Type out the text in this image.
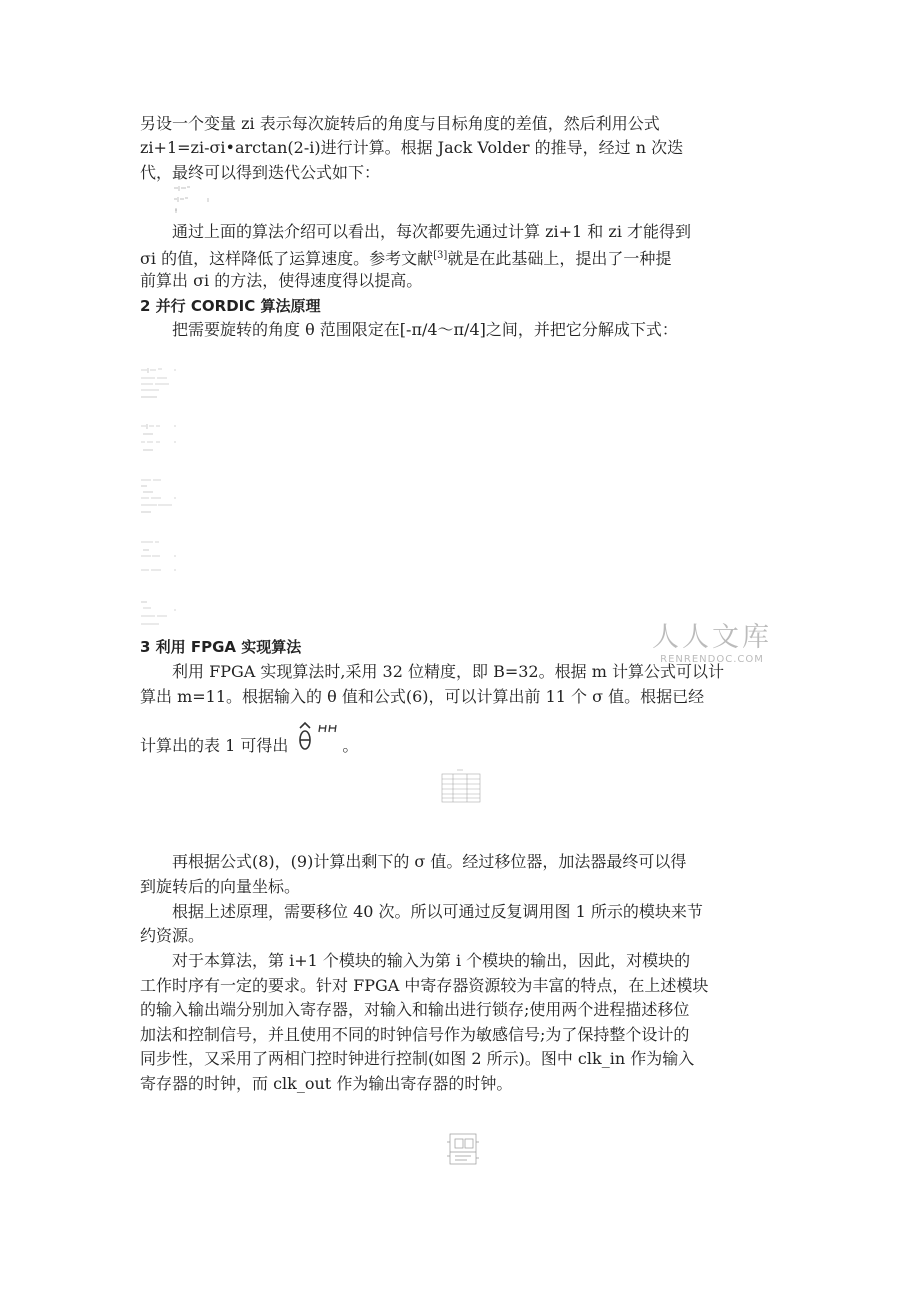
另设一个变量 zi 表示每次旋转后的角度与目标角度的差值，然后利用公式
zi+1=zi-σi•arctan(2-i)进行计算。根据 Jack Volder 的推导，经过 n 次迭
代，最终可以得到迭代公式如下：
通过上面的算法介绍可以看出，每次都要先通过计算 zi+1 和 zi 才能得到
σi 的值，这样降低了运算速度。参考文献[3]就是在此基础上，提出了一种提
前算出 σi 的方法，使得速度得以提高。
2 并行 CORDIC 算法原理
把需要旋转的角度 θ 范围限定在[-π/4～π/4]之间，并把它分解成下式：
3 利用 FPGA 实现算法	人人文库
RENRENDOC.COM
利用 FPGA 实现算法时,采用 32 位精度，即 B=32。根据 m 计算公式可以计
算出 m=11。根据输入的 θ 值和公式(6)，可以计算出前 11 个 σ 值。根据已经
计算出的表 1 可得出	。
再根据公式(8)，(9)计算出剩下的 σ 值。经过移位器，加法器最终可以得
到旋转后的向量坐标。
根据上述原理，需要移位 40 次。所以可通过反复调用图 1 所示的模块来节
约资源。
对于本算法，第 i+1 个模块的输入为第 i 个模块的输出，因此，对模块的
工作时序有一定的要求。针对 FPGA 中寄存器资源较为丰富的特点，在上述模块
的输入输出端分别加入寄存器，对输入和输出进行锁存;使用两个进程描述移位
加法和控制信号，并且使用不同的时钟信号作为敏感信号;为了保持整个设计的
同步性，又采用了两相门控时钟进行控制(如图 2 所示)。图中 clk_in 作为输入
寄存器的时钟，而 clk_out 作为输出寄存器的时钟。
